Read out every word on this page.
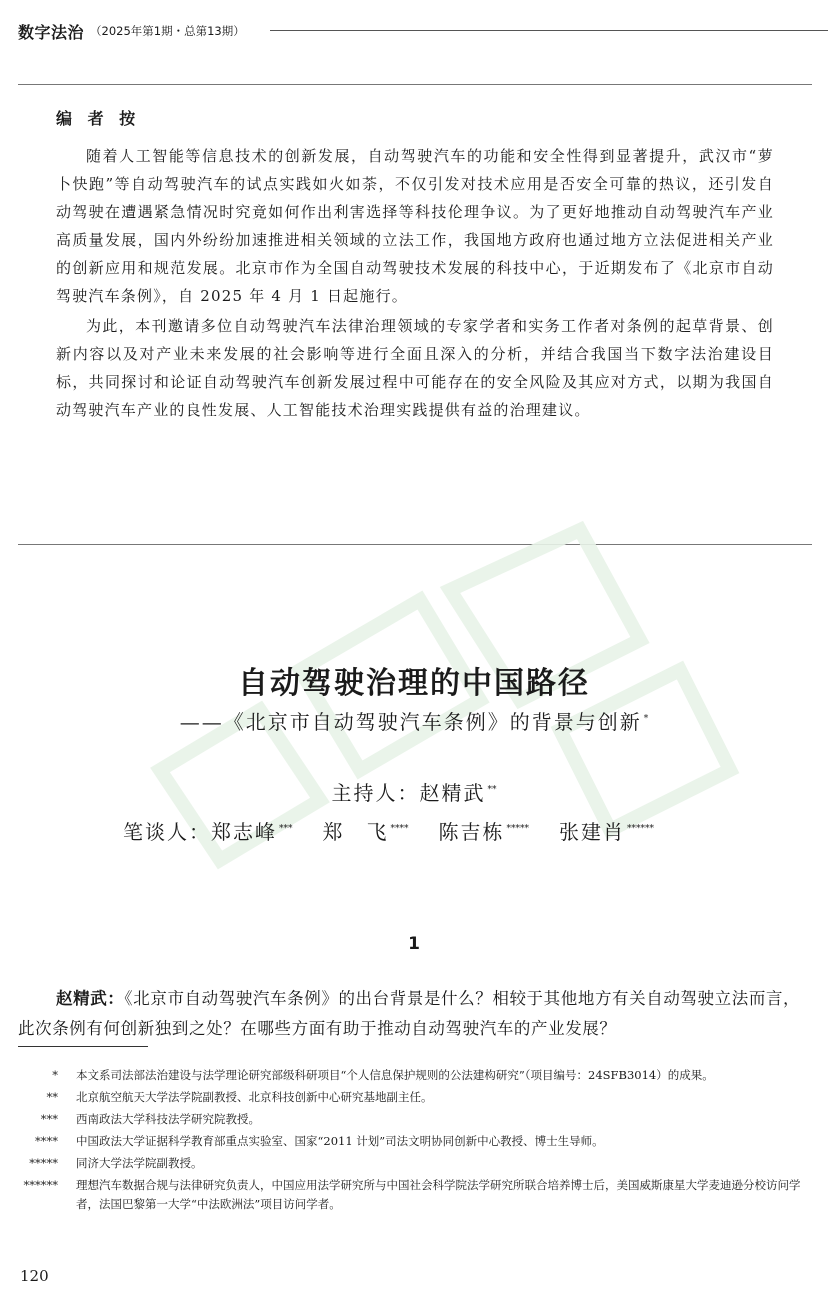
数字法治 （2025年第1期・总第13期）
编 者 按

随着人工智能等信息技术的创新发展，自动驾驶汽车的功能和安全性得到显著提升，武汉市“萝卜快跑”等自动驾驶汽车的试点实践如火如荼，不仅引发对技术应用是否安全可靠的热议，还引发自动驾驶在遭遇紧急情况时究竟如何作出利害选择等科技伦理争议。为了更好地推动自动驾驶汽车产业高质量发展，国内外纷纷加速推进相关领域的立法工作，我国地方政府也通过地方立法促进相关产业的创新应用和规范发展。北京市作为全国自动驾驶技术发展的科技中心，于近期发布了《北京市自动驾驶汽车条例》，自 2025 年 4 月 1 日起施行。

为此，本刊邀请多位自动驾驶汽车法律治理领域的专家学者和实务工作者对条例的起草背景、创新内容以及对产业未来发展的社会影响等进行全面且深入的分析，并结合我国当下数字法治建设目标，共同探讨和论证自动驾驶汽车创新发展过程中可能存在的安全风险及其应对方式，以期为我国自动驾驶汽车产业的良性发展、人工智能技术治理实践提供有益的治理建议。

自动驾驶治理的中国路径
——《北京市自动驾驶汽车条例》的背景与创新 *
主持人：赵精武 **
笔谈人：郑志峰 *** 郑　飞 **** 陈吉栋 ***** 张建肖 ******
1
赵精武：《北京市自动驾驶汽车条例》的出台背景是什么？相较于其他地方有关自动驾驶立法而言，此次条例有何创新独到之处？在哪些方面有助于推动自动驾驶汽车的产业发展？
*	本文系司法部法治建设与法学理论研究部级科研项目“个人信息保护规则的公法建构研究”（项目编号：24SFB3014）的成果。
**	北京航空航天大学法学院副教授、北京科技创新中心研究基地副主任。
***	西南政法大学科技法学研究院教授。
****	中国政法大学证据科学教育部重点实验室、国家“2011 计划”司法文明协同创新中心教授、博士生导师。
*****	同济大学法学院副教授。
******	理想汽车数据合规与法律研究负责人，中国应用法学研究所与中国社会科学院法学研究所联合培养博士后，美国威斯康星大学麦迪逊分校访问学者，法国巴黎第一大学“中法欧洲法”项目访问学者。
120
